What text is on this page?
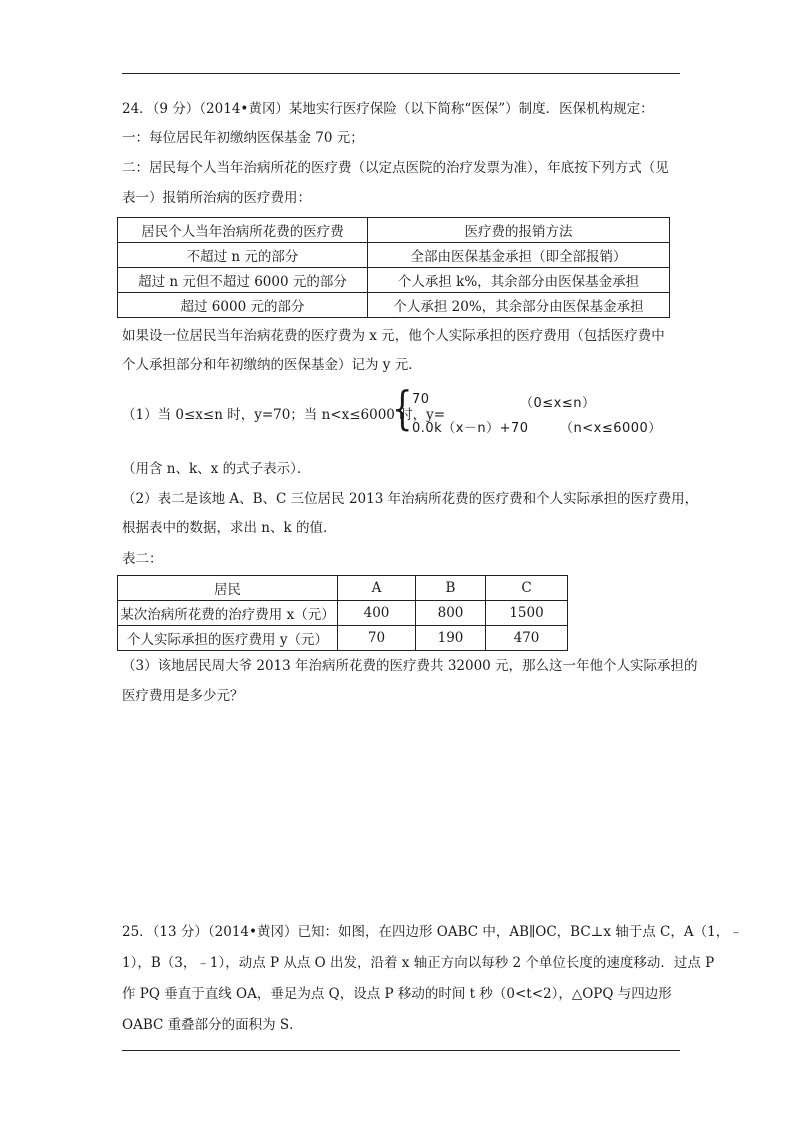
24．（9 分）（2014•黄冈）某地实行医疗保险（以下简称“医保”）制度．医保机构规定：
一：每位居民年初缴纳医保基金 70 元；
二：居民每个人当年治病所花的医疗费（以定点医院的治疗发票为准），年底按下列方式（见
表一）报销所治病的医疗费用：
居民个人当年治病所花费的医疗费	医疗费的报销方法
不超过 n 元的部分	全部由医保基金承担（即全部报销）
超过 n 元但不超过 6000 元的部分	个人承担 k%，其余部分由医保基金承担
超过 6000 元的部分	个人承担 20%，其余部分由医保基金承担
如果设一位居民当年治病花费的医疗费为 x 元，他个人实际承担的医疗费用（包括医疗费中
个人承担部分和年初缴纳的医保基金）记为 y 元．
（1）当 0≤x≤n 时，y=70；当 n<x≤6000 时，y=
{ 70	（0≤x≤n）
0.0k（x－n）+70 （n<x≤6000）
（用含 n、k、x 的式子表示）．
（2）表二是该地 A、B、C 三位居民 2013 年治病所花费的医疗费和个人实际承担的医疗费用，
根据表中的数据，求出 n、k 的值．
表二：
居民	A	B	C
某次治病所花费的治疗费用 x（元）	400	800	1500
个人实际承担的医疗费用 y（元）	70	190	470
（3）该地居民周大爷 2013 年治病所花费的医疗费共 32000 元，那么这一年他个人实际承担的
医疗费用是多少元？
25．（13 分）（2014•黄冈）已知：如图，在四边形 OABC 中，AB∥OC，BC⊥x 轴于点 C，A（1，﹣
1），B（3，﹣1），动点 P 从点 O 出发，沿着 x 轴正方向以每秒 2 个单位长度的速度移动．过点 P
作 PQ 垂直于直线 OA，垂足为点 Q，设点 P 移动的时间 t 秒（0<t<2），△OPQ 与四边形
OABC 重叠部分的面积为 S．
